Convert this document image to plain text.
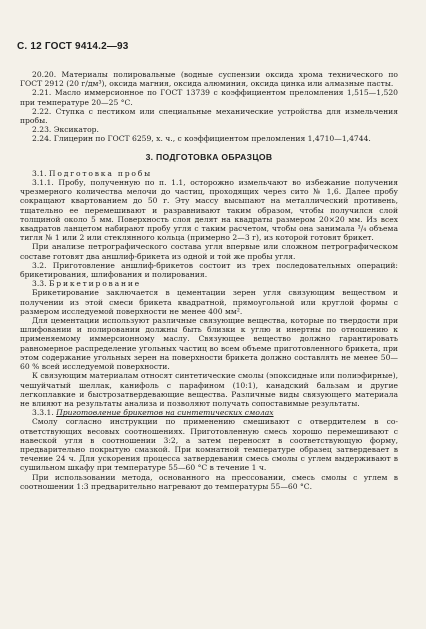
С. 12 ГОСТ 9414.2—93

20.20. Материалы полировальные (водные суспензии оксида хрома технического по ГОСТ 2912 (20 г/дм³), оксида магния, оксида алюминия, оксида цинка или алмазные пасты.

2.21. Масло иммерсионное по ГОСТ 13739 с коэффициентом преломления 1,515—1,520 при температуре 20—25 °С.

2.22. Ступка с пестиком или специальные механические устройства для измельчения пробы.

2.23. Эксикатор.

2.24. Глицерин по ГОСТ 6259, х. ч., с коэффициентом преломления 1,4710—1,4744.

3. ПОДГОТОВКА ОБРАЗЦОВ

3.1. Подготовка пробы

3.1.1. Пробу, полученную по п. 1.1, осторожно измельчают во избежание получения чрезмерного количества мелочи до частиц, проходящих через сито № 1,6. Далее пробу сокращают квартованием до 50 г. Эту массу высыпают на металлический противень, тщательно ее перемешивают и разравнивают таким образом, чтобы получился слой толщиной около 5 мм. Поверхность слоя делят на квадраты размером 20×20 мм. Из всех квадратов ланцетом набирают пробу угля с таким расчетом, чтобы она занимала ³/₄ объема тигля № 1 или 2 или стеклянного кольца (примерно 2—3 г), из которой готовят брикет.

При анализе петрографического состава угля впервые или сложном петрографическом составе готовят два аншлиф-брикета из одной и той же пробы угля.

3.2. Приготовление аншлиф-брикетов состоит из трех последовательных операций: брикетирования, шлифования и полирования.

3.3. Брикетирование

Брикетирование заключается в цементации зерен угля связующим веществом и получении из этой смеси брикета квадратной, прямоугольной или круглой формы с размером исследуемой поверхности не менее 400 мм².

Для цементации используют различные связующие вещества, которые по твердости при шлифовании и полировании должны быть близки к углю и инертны по отношению к применяемому иммерсионному маслу. Связующее вещество должно гарантировать равномерное распределение угольных частиц во всем объеме приготовленного брикета, при этом содержание угольных зерен на поверхности брикета должно составлять не менее 50—60 % всей исследуемой поверхности.

К связующим материалам относят синтетические смолы (эпоксидные или полиэфирные), чешуйчатый шеллак, канифоль с парафином (10:1), канадский бальзам и другие легкоплавкие и быстрозатвердевающие вещества. Различные виды связующего материала не влияют на результаты анализа и позволяют получать сопоставимые результаты.

3.3.1. Приготовление брикетов на синтетических смолах

Смолу согласно инструкции по применению смешивают с отвердителем в соответствующих весовых соотношениях. Приготовленную смесь хорошо перемешивают с навеской угля в соотношении 3:2, а затем переносят в соответствующую форму, предварительно покрытую смазкой. При комнатной температуре образец затвердевает в течение 24 ч. Для ускорения процесса затвердевания смесь смолы с углем выдерживают в сушильном шкафу при температуре 55—60 °С в течение 1 ч.

При использовании метода, основанного на прессовании, смесь смолы с углем в соотношении 1:3 предварительно нагревают до температуры 55—60 °С.
